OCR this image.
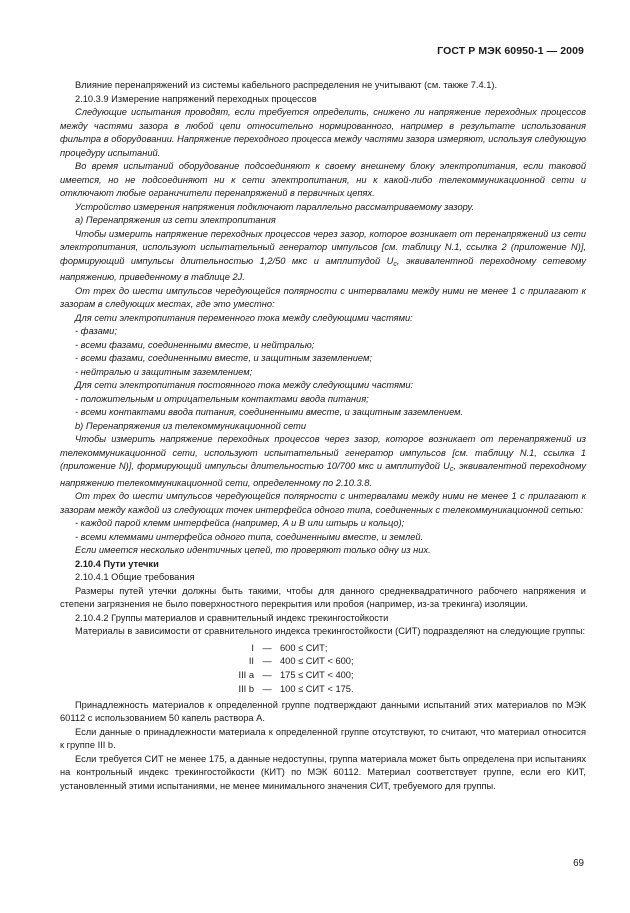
ГОСТ Р МЭК 60950-1 — 2009

Влияние перенапряжений из системы кабельного распределения не учитывают (см. также 7.4.1).

2.10.3.9 Измерение напряжений переходных процессов

Следующие испытания проводят, если требуется определить, снижено ли напряжение переходных процессов между частями зазора в любой цепи относительно нормированного, например в результате использования фильтра в оборудовании. Напряжение переходного процесса между частями зазора измеряют, используя следующую процедуру испытаний.

Во время испытаний оборудование подсоединяют к своему внешнему блоку электропитания, если таковой имеется, но не подсоединяют ни к сети электропитания, ни к какой-либо телекоммуникационной сети и отключают любые ограничители перенапряжений в первичных цепях.

Устройство измерения напряжения подключают параллельно рассматриваемому зазору.

a) Перенапряжения из сети электропитания

Чтобы измерить напряжение переходных процессов через зазор, которое возникает от перенапряжений из сети электропитания, используют испытательный генератор импульсов [см. таблицу N.1, ссылка 2 (приложение N)], формирующий импульсы длительностью 1,2/50 мкс и амплитудой $U_c$, эквивалентной переходному сетевому напряжению, приведенному в таблице 2J.

От трех до шести импульсов чередующейся полярности с интервалами между ними не менее 1 с прилагают к зазорам в следующих местах, где это уместно:

Для сети электропитания переменного тока между следующими частями:

- фазами;

- всеми фазами, соединенными вместе, и нейтралью;

- всеми фазами, соединенными вместе, и защитным заземлением;

- нейтралью и защитным заземлением;

Для сети электропитания постоянного тока между следующими частями:

- положительным и отрицательным контактами ввода питания;

- всеми контактами ввода питания, соединенными вместе, и защитным заземлением.

b) Перенапряжения из телекоммуникационной сети

Чтобы измерить напряжение переходных процессов через зазор, которое возникает от перенапряжений из телекоммуникационной сети, используют испытательный генератор импульсов [см. таблицу N.1, ссылка 1 (приложение N)], формирующий импульсы длительностью 10/700 мкс и амплитудой $U_c$, эквивалентной переходному напряжению телекоммуникационной сети, определенному по 2.10.3.8.

От трех до шести импульсов чередующейся полярности с интервалами между ними не менее 1 с прилагают к зазорам между каждой из следующих точек интерфейса одного типа, соединенных с телекоммуникационной сетью:

- каждой парой клемм интерфейса (например, A и B или штырь и кольцо);

- всеми клеммами интерфейса одного типа, соединенными вместе, и землей.

Если имеется несколько идентичных цепей, то проверяют только одну из них.

2.10.4 Пути утечки

2.10.4.1 Общие требования

Размеры путей утечки должны быть такими, чтобы для данного среднеквадратичного рабочего напряжения и степени загрязнения не было поверхностного перекрытия или пробоя (например, из-за трекинга) изоляции.

2.10.4.2 Группы материалов и сравнительный индекс трекингостойкости

Материалы в зависимости от сравнительного индекса трекингостойкости (СИТ) подразделяют на следующие группы:

I — 600 ≤ СИТ;
II — 400 ≤ СИТ < 600;
III a — 175 ≤ СИТ < 400;
III b — 100 ≤ СИТ < 175.

Принадлежность материалов к определенной группе подтверждают данными испытаний этих материалов по МЭК 60112 с использованием 50 капель раствора A.

Если данные о принадлежности материала к определенной группе отсутствуют, то считают, что материал относится к группе III b.

Если требуется СИТ не менее 175, а данные недоступны, группа материала может быть определена при испытаниях на контрольный индекс трекингостойкости (КИТ) по МЭК 60112. Материал соответствует группе, если его КИТ, установленный этими испытаниями, не менее минимального значения СИТ, требуемого для группы.

69
